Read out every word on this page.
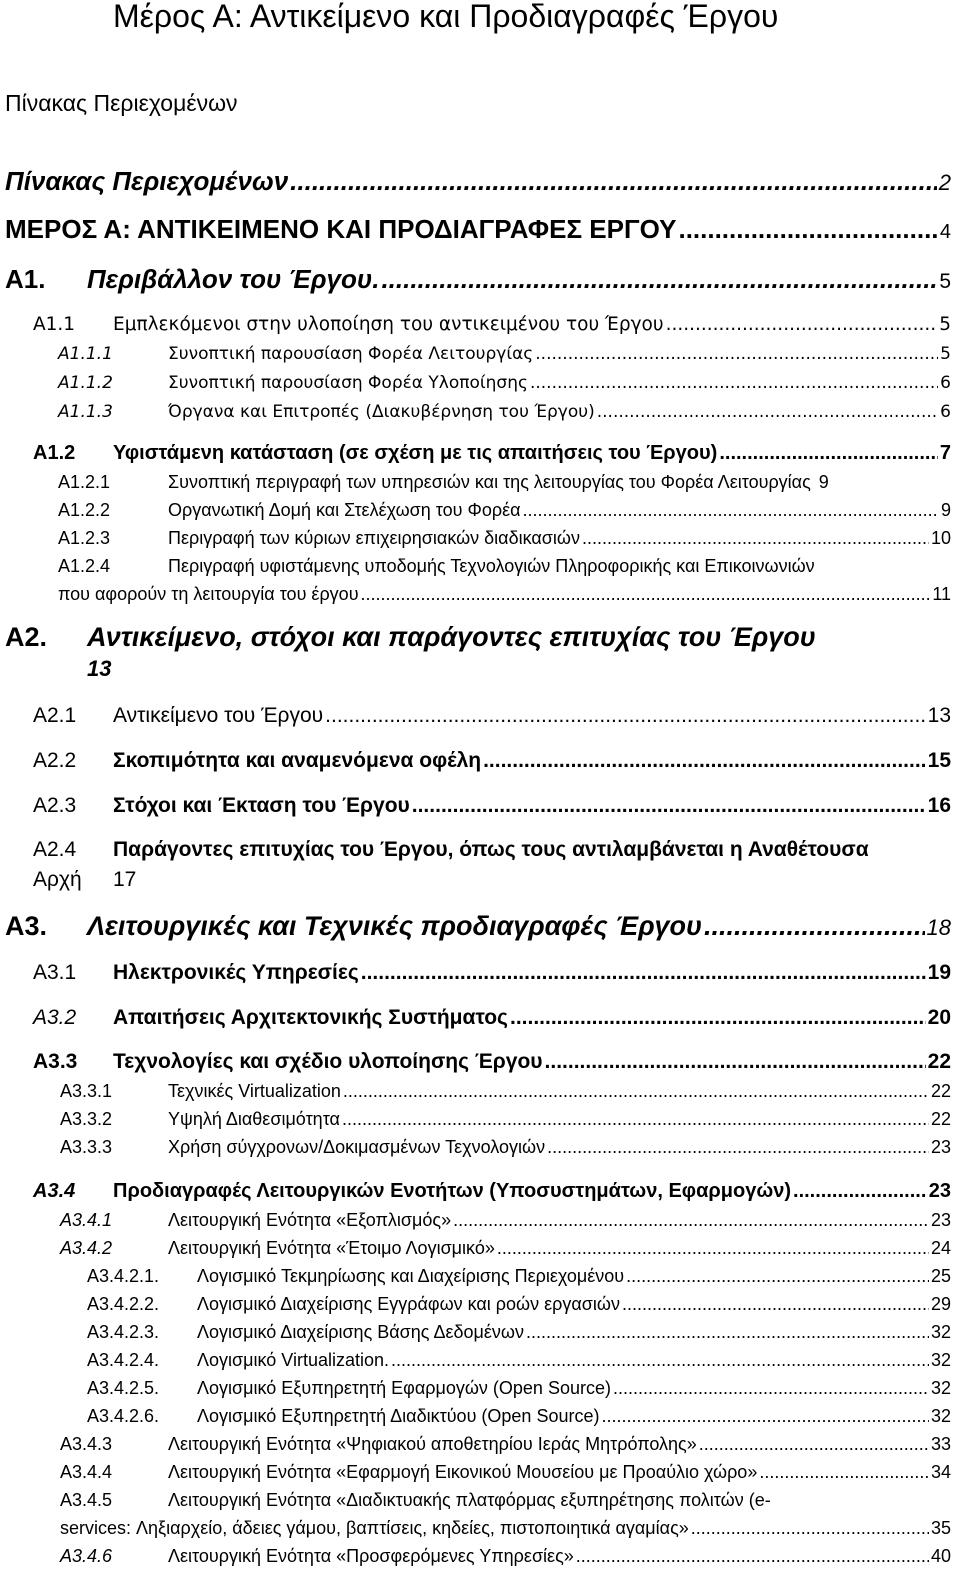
Μέρος Α: Αντικείμενο και Προδιαγραφές Έργου
Πίνακας Περιεχομένων
Πίνακας Περιεχομένων .....	2
ΜΕΡΟΣ Α: ΑΝΤΙΚΕΙΜΕΝΟ ΚΑΙ ΠΡΟΔΙΑΓΡΑΦΕΣ ΕΡΓΟΥ .....	4
A1.	Περιβάλλον του Έργου. .....	5
A1.1	Εμπλεκόμενοι στην υλοποίηση του αντικειμένου του Έργου .....	5
A1.1.1	Συνοπτική παρουσίαση Φορέα Λειτουργίας .....	5
A1.1.2	Συνοπτική παρουσίαση Φορέα Υλοποίησης .....	6
A1.1.3	Όργανα και Επιτροπές (Διακυβέρνηση του Έργου) .....	6
Α1.2	Υφιστάμενη κατάσταση (σε σχέση με τις απαιτήσεις του Έργου) .....	7
Α1.2.1	Συνοπτική περιγραφή των υπηρεσιών και της λειτουργίας του Φορέα Λειτουργίας 9
Α1.2.2	Οργανωτική Δομή και Στελέχωση του Φορέα .....	9
Α1.2.3	Περιγραφή των κύριων επιχειρησιακών διαδικασιών .....	10
Α1.2.4	Περιγραφή υφιστάμενης υποδομής Τεχνολογιών Πληροφορικής και Επικοινωνιών
που αφορούν τη λειτουργία του έργου .....	11
A2.	Αντικείμενο, στόχοι και παράγοντες επιτυχίας του Έργου
13
A2.1	Αντικείμενο του Έργου .....	13
A2.2	Σκοπιμότητα και αναμενόμενα οφέλη .....	15
A2.3	Στόχοι και Έκταση του Έργου .....	16
A2.4	Παράγοντες επιτυχίας του Έργου, όπως τους αντιλαμβάνεται η Αναθέτουσα
Αρχή 17
A3.	Λειτουργικές και Τεχνικές προδιαγραφές Έργου .....	18
A3.1	Ηλεκτρονικές Υπηρεσίες .....	19
A3.2	Απαιτήσεις Αρχιτεκτονικής Συστήματος .....	20
A3.3	Τεχνολογίες και σχέδιο υλοποίησης Έργου .....	22
A3.3.1	Τεχνικές Virtualization .....	22
A3.3.2	Υψηλή Διαθεσιμότητα .....	22
A3.3.3	Χρήση σύγχρονων/Δοκιμασμένων Τεχνολογιών .....	23
A3.4	Προδιαγραφές Λειτουργικών Ενοτήτων (Υποσυστημάτων, Εφαρμογών) .....	23
A3.4.1	Λειτουργική Ενότητα «Εξοπλισμός» .....	23
A3.4.2	Λειτουργική Ενότητα «Έτοιμο Λογισμικό» .....	24
A3.4.2.1.	Λογισμικό Τεκμηρίωσης και Διαχείρισης Περιεχομένου .....	25
A3.4.2.2.	Λογισμικό Διαχείρισης Εγγράφων και ροών εργασιών .....	29
A3.4.2.3.	Λογισμικό Διαχείρισης Βάσης Δεδομένων .....	32
A3.4.2.4.	Λογισμικό Virtualization. .....	32
A3.4.2.5.	Λογισμικό Εξυπηρετητή Εφαρμογών (Open Source) .....	32
A3.4.2.6.	Λογισμικό Εξυπηρετητή Διαδικτύου (Open Source) .....	32
A3.4.3	Λειτουργική Ενότητα «Ψηφιακού αποθετηρίου Ιεράς Μητρόπολης» .....	33
A3.4.4	Λειτουργική Ενότητα «Εφαρμογή Εικονικού Μουσείου με Προαύλιο χώρο» .....	34
A3.4.5	Λειτουργική Ενότητα «Διαδικτυακής πλατφόρμας εξυπηρέτησης πολιτών (e-
services: Ληξιαρχείο, άδειες γάμου, βαπτίσεις, κηδείες, πιστοποιητικά αγαμίας» .....	35
A3.4.6	Λειτουργική Ενότητα «Προσφερόμενες Υπηρεσίες» .....	40
